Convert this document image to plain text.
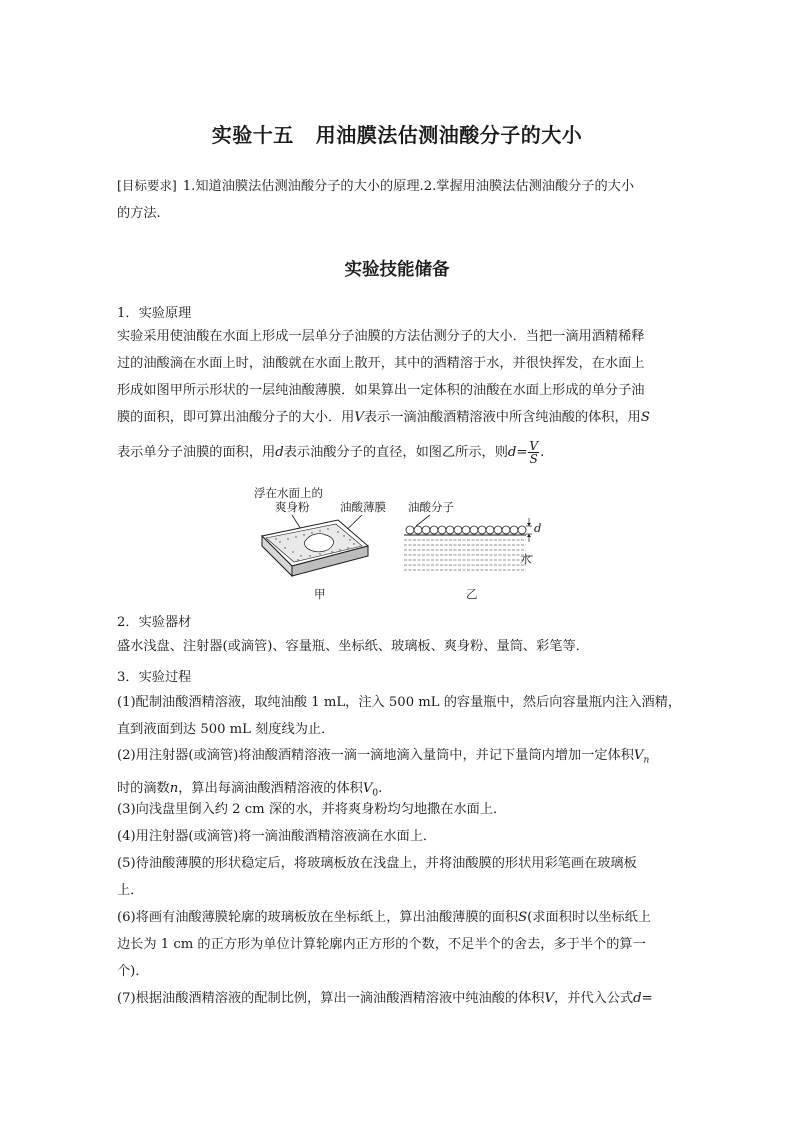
实验十五 用油膜法估测油酸分子的大小
[目标要求] 1.知道油膜法估测油酸分子的大小的原理.2.掌握用油膜法估测油酸分子的大小
的方法.
实验技能储备
1．实验原理
实验采用使油酸在水面上形成一层单分子油膜的方法估测分子的大小．当把一滴用酒精稀释
过的油酸滴在水面上时，油酸就在水面上散开，其中的酒精溶于水，并很快挥发，在水面上
形成如图甲所示形状的一层纯油酸薄膜．如果算出一定体积的油酸在水面上形成的单分子油
膜的面积，即可算出油酸分子的大小．用V表示一滴油酸酒精溶液中所含纯油酸的体积，用S
表示单分子油膜的面积，用d表示油酸分子的直径，如图乙所示，则$d= \frac{V}{S}$ .
浮在水面上的
爽身粉	油酸薄膜 油酸分子
d
水
甲	乙
2．实验器材
盛水浅盘、注射器(或滴管)、容量瓶、坐标纸、玻璃板、爽身粉、量筒、彩笔等．
3．实验过程
(1)配制油酸酒精溶液，取纯油酸 1 mL，注入 500 mL 的容量瓶中，然后向容量瓶内注入酒精，
直到液面到达 500 mL 刻度线为止．
(2)用注射器(或滴管)将油酸酒精溶液一滴一滴地滴入量筒中，并记下量筒内增加一定体积$V_n$
时的滴数n，算出每滴油酸酒精溶液的体积$V_0$.
(3)向浅盘里倒入约 2 cm 深的水，并将爽身粉均匀地撒在水面上．
(4)用注射器(或滴管)将一滴油酸酒精溶液滴在水面上．
(5)待油酸薄膜的形状稳定后，将玻璃板放在浅盘上，并将油酸膜的形状用彩笔画在玻璃板
上．
(6)将画有油酸薄膜轮廓的玻璃板放在坐标纸上，算出油酸薄膜的面积S(求面积时以坐标纸上
边长为 1 cm 的正方形为单位计算轮廓内正方形的个数，不足半个的舍去，多于半个的算一
个)．
(7)根据油酸酒精溶液的配制比例，算出一滴油酸酒精溶液中纯油酸的体积V，并代入公式d=
